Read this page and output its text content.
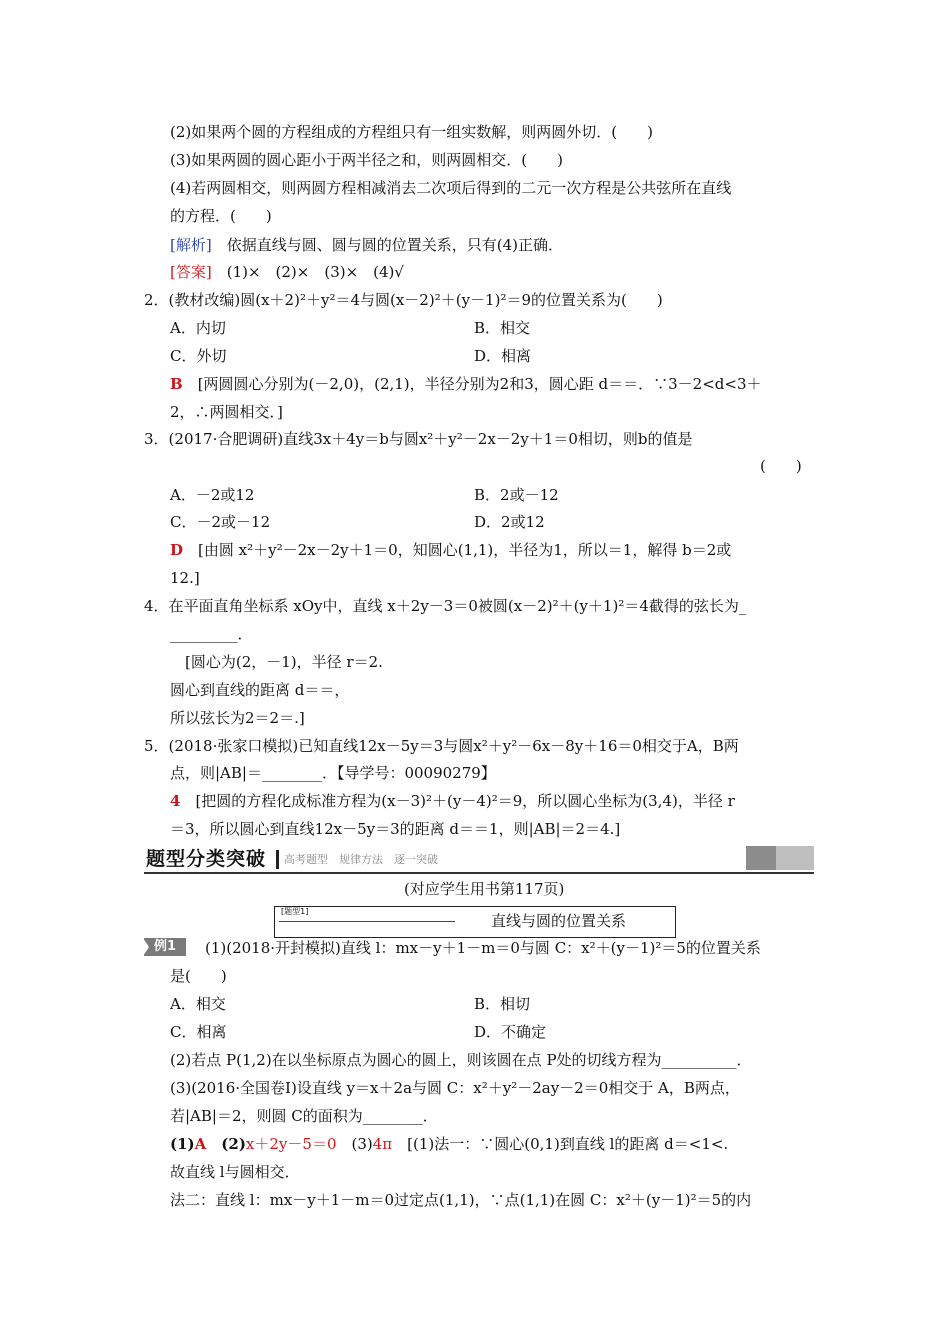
(2)如果两个圆的方程组成的方程组只有一组实数解，则两圆外切．(　　)
(3)如果两圆的圆心距小于两半径之和，则两圆相交．(　　)
(4)若两圆相交，则两圆方程相减消去二次项后得到的二元一次方程是公共弦所在直线
的方程．(　　)
[解析]　依据直线与圆、圆与圆的位置关系，只有(4)正确．
[答案]　(1)×　(2)×　(3)×　(4)√
2．(教材改编)圆(x＋2)²＋y²＝4与圆(x－2)²＋(y－1)²＝9的位置关系为(　　)
A．内切	B．相交
C．外切	D．相离
B　[两圆圆心分别为(－2,0)，(2,1)，半径分别为2和3，圆心距 d＝＝．∵3－2<d<3＋
2，∴两圆相交．]
3．(2017·合肥调研)直线3x＋4y＝b与圆x²＋y²－2x－2y＋1＝0相切，则b的值是
(　　)
A．－2或12	B．2或－12
C．－2或－12	D．2或12
D　[由圆 x²＋y²－2x－2y＋1＝0，知圆心(1,1)，半径为1，所以＝1，解得 b＝2或
12.]
4．在平面直角坐标系 xOy中，直线 x＋2y－3＝0被圆(x－2)²＋(y＋1)²＝4截得的弦长为_
_________．
　[圆心为(2，－1)，半径 r＝2.
圆心到直线的距离 d＝＝，
所以弦长为2＝2＝.]
5．(2018·张家口模拟)已知直线12x－5y＝3与圆x²＋y²－6x－8y＋16＝0相交于A，B两
点，则|AB|＝________．【导学号：00090279】
4　[把圆的方程化成标准方程为(x－3)²＋(y－4)²＝9，所以圆心坐标为(3,4)，半径 r
＝3，所以圆心到直线12x－5y＝3的距离 d＝＝1，则|AB|＝2＝4.]
题型分类突破 高考题型　规律方法　逐一突破
(对应学生用书第117页)
[题型1]
直线与圆的位置关系
例1 　(1)(2018·开封模拟)直线 l：mx－y＋1－m＝0与圆 C：x²＋(y－1)²＝5的位置关系
是(　　)
A．相交	B．相切
C．相离	D．不确定
(2)若点 P(1,2)在以坐标原点为圆心的圆上，则该圆在点 P处的切线方程为__________．
(3)(2016·全国卷Ⅰ)设直线 y＝x＋2a与圆 C：x²＋y²－2ay－2＝0相交于 A，B两点，
若|AB|＝2，则圆 C的面积为________．
(1)A　(2)x＋2y－5＝0　(3)4π　[(1)法一：∵圆心(0,1)到直线 l的距离 d＝<1<.
故直线 l与圆相交．
法二：直线 l：mx－y＋1－m＝0过定点(1,1)，∵点(1,1)在圆 C：x²＋(y－1)²＝5的内
